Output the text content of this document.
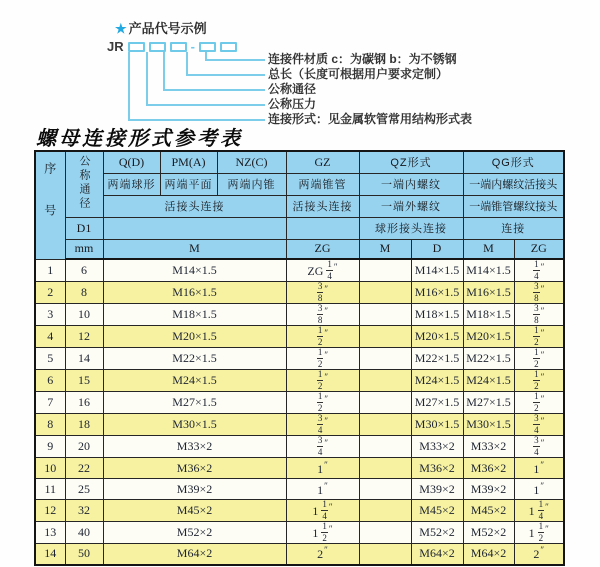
★ 产品代号示例
JR	-
连接件材质 c：为碳钢 b：为不锈钢
总长（长度可根据用户要求定制）
公称通径
公称压力
连接形式：见金属软管常用结构形式表
螺母连接形式参考表
序号	公称通径	Q(D)	PM(A)	NZ(C)	GZ	QZ形式		QG形式	
		两端球形	两端平面	两端内锥	两端锥管	一端内螺纹		一端内螺纹活接头	
		活接头连接			活接头连接	一端外螺纹		一端锥管螺纹接头	
	D1					球形接头连接		连接	
	mm	M			ZG	M	D	M	ZG
1	6	M14×1.5			ZG $\frac{1}{4} ''$		M14×1.5	M14×1.5	$\frac{1}{4} ''$
2	8	M16×1.5			$\frac{3}{8} ''$		M16×1.5	M16×1.5	$\frac{3}{8} ''$
3	10	M18×1.5			$\frac{3}{8} ''$		M18×1.5	M18×1.5	$\frac{3}{8} ''$
4	12	M20×1.5			$\frac{1}{2} ''$		M20×1.5	M20×1.5	$\frac{1}{2} ''$
5	14	M22×1.5			$\frac{1}{2} ''$		M22×1.5	M22×1.5	$\frac{1}{2} ''$
6	15	M24×1.5			$\frac{1}{2} ''$		M24×1.5	M24×1.5	$\frac{1}{2} ''$
7	16	M27×1.5			$\frac{1}{2} ''$		M27×1.5	M27×1.5	$\frac{1}{2} ''$
8	18	M30×1.5			$\frac{3}{4} ''$		M30×1.5	M30×1.5	$\frac{3}{4} ''$
9	20	M33×2			$\frac{3}{4} ''$		M33×2	M33×2	$\frac{3}{4} ''$
10	22	M36×2			1″		M36×2	M36×2	1″
11	25	M39×2			1″		M39×2	M39×2	1″
12	32	M45×2			$1 \frac{1}{4} ''$		M45×2	M45×2	$1 \frac{1}{4} ''$
13	40	M52×2			$1 \frac{1}{2} ''$		M52×2	M52×2	$1 \frac{1}{2} ''$
14	50	M64×2			2″		M64×2	M64×2	2″
